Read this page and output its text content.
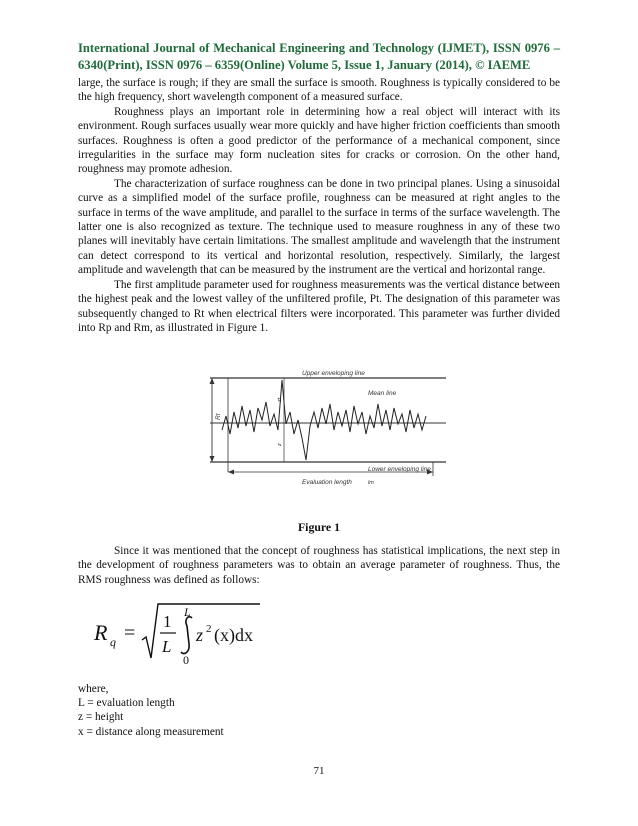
International Journal of Mechanical Engineering and Technology (IJMET), ISSN 0976 – 6340(Print), ISSN 0976 – 6359(Online) Volume 5, Issue 1, January (2014), © IAEME

large, the surface is rough; if they are small the surface is smooth. Roughness is typically considered to be the high frequency, short wavelength component of a measured surface.

Roughness plays an important role in determining how a real object will interact with its environment. Rough surfaces usually wear more quickly and have higher friction coefficients than smooth surfaces. Roughness is often a good predictor of the performance of a mechanical component, since irregularities in the surface may form nucleation sites for cracks or corrosion. On the other hand, roughness may promote adhesion.

The characterization of surface roughness can be done in two principal planes. Using a sinusoidal curve as a simplified model of the surface profile, roughness can be measured at right angles to the surface in terms of the wave amplitude, and parallel to the surface in terms of the surface wavelength. The latter one is also recognized as texture. The technique used to measure roughness in any of these two planes will inevitably have certain limitations. The smallest amplitude and wavelength that the instrument can detect correspond to its vertical and horizontal resolution, respectively. Similarly, the largest amplitude and wavelength that can be measured by the instrument are the vertical and horizontal range.

The first amplitude parameter used for roughness measurements was the vertical distance between the highest peak and the lowest valley of the unfiltered profile, Pt. The designation of this parameter was subsequently changed to Rt when electrical filters were incorporated. This parameter was further divided into Rp and Rm, as illustrated in Figure 1.

Upper enveloping line
Mean line
Lower enveloping line
Evaluation length	lm
Rt
zt
z
Figure 1

Since it was mentioned that the concept of roughness has statistical implications, the next step in the development of roughness parameters was to obtain an average parameter of roughness. Thus, the RMS roughness was defined as follows:

R q =
1
L
L
0
z 2 (x)dx
where,
L = evaluation length
z = height
x = distance along measurement
71
